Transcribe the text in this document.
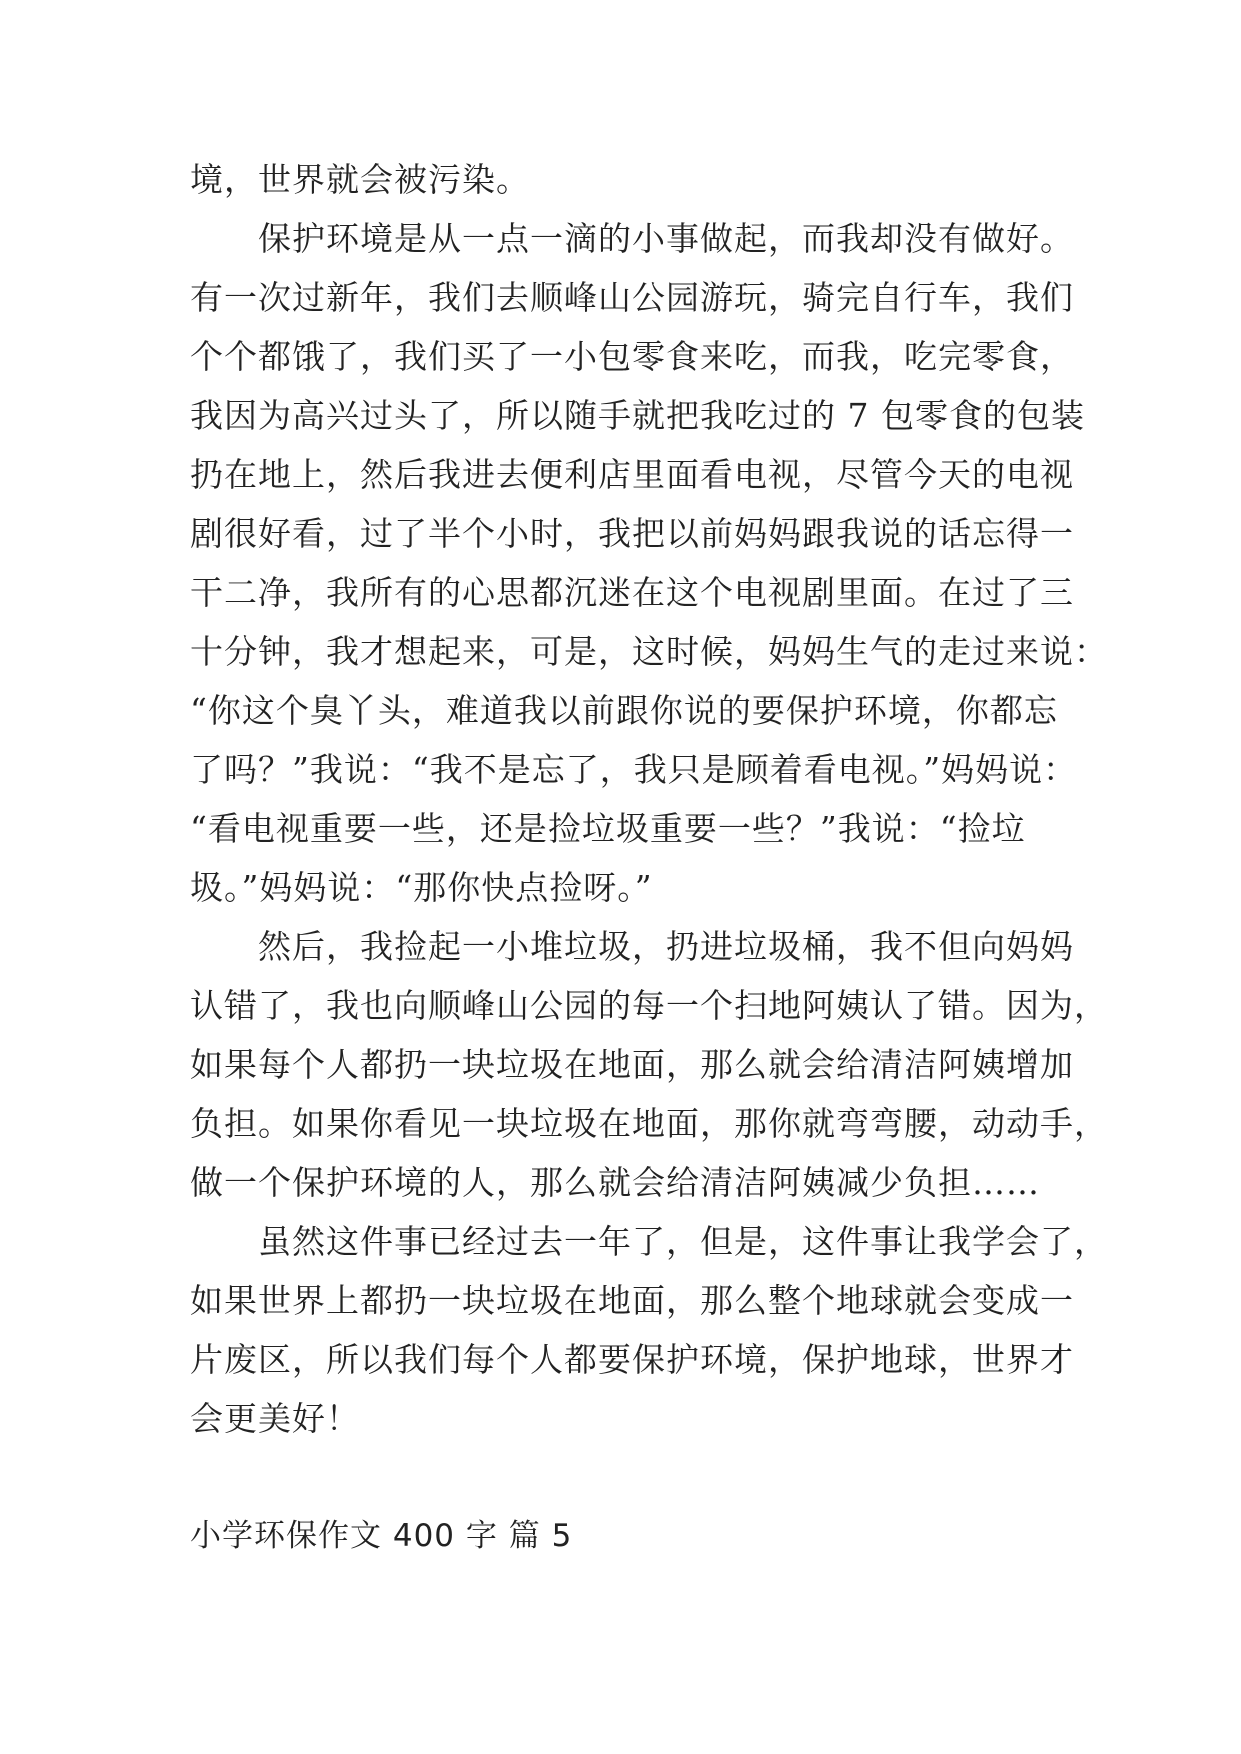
境，世界就会被污染。
　　保护环境是从一点一滴的小事做起，而我却没有做好。
有一次过新年，我们去顺峰山公园游玩，骑完自行车，我们
个个都饿了，我们买了一小包零食来吃，而我，吃完零食，
我因为高兴过头了，所以随手就把我吃过的 7 包零食的包装
扔在地上，然后我进去便利店里面看电视，尽管今天的电视
剧很好看，过了半个小时，我把以前妈妈跟我说的话忘得一
干二净，我所有的心思都沉迷在这个电视剧里面。在过了三
十分钟，我才想起来，可是，这时候，妈妈生气的走过来说：
“你这个臭丫头，难道我以前跟你说的要保护环境，你都忘
了吗？”我说：“我不是忘了，我只是顾着看电视。”妈妈说：
“看电视重要一些，还是捡垃圾重要一些？”我说：“捡垃
圾。”妈妈说：“那你快点捡呀。”
　　然后，我捡起一小堆垃圾，扔进垃圾桶，我不但向妈妈
认错了，我也向顺峰山公园的每一个扫地阿姨认了错。因为，
如果每个人都扔一块垃圾在地面，那么就会给清洁阿姨增加
负担。如果你看见一块垃圾在地面，那你就弯弯腰，动动手，
做一个保护环境的人，那么就会给清洁阿姨减少负担……
　　虽然这件事已经过去一年了，但是，这件事让我学会了，
如果世界上都扔一块垃圾在地面，那么整个地球就会变成一
片废区，所以我们每个人都要保护环境，保护地球，世界才
会更美好！
小学环保作文 400 字 篇 5
